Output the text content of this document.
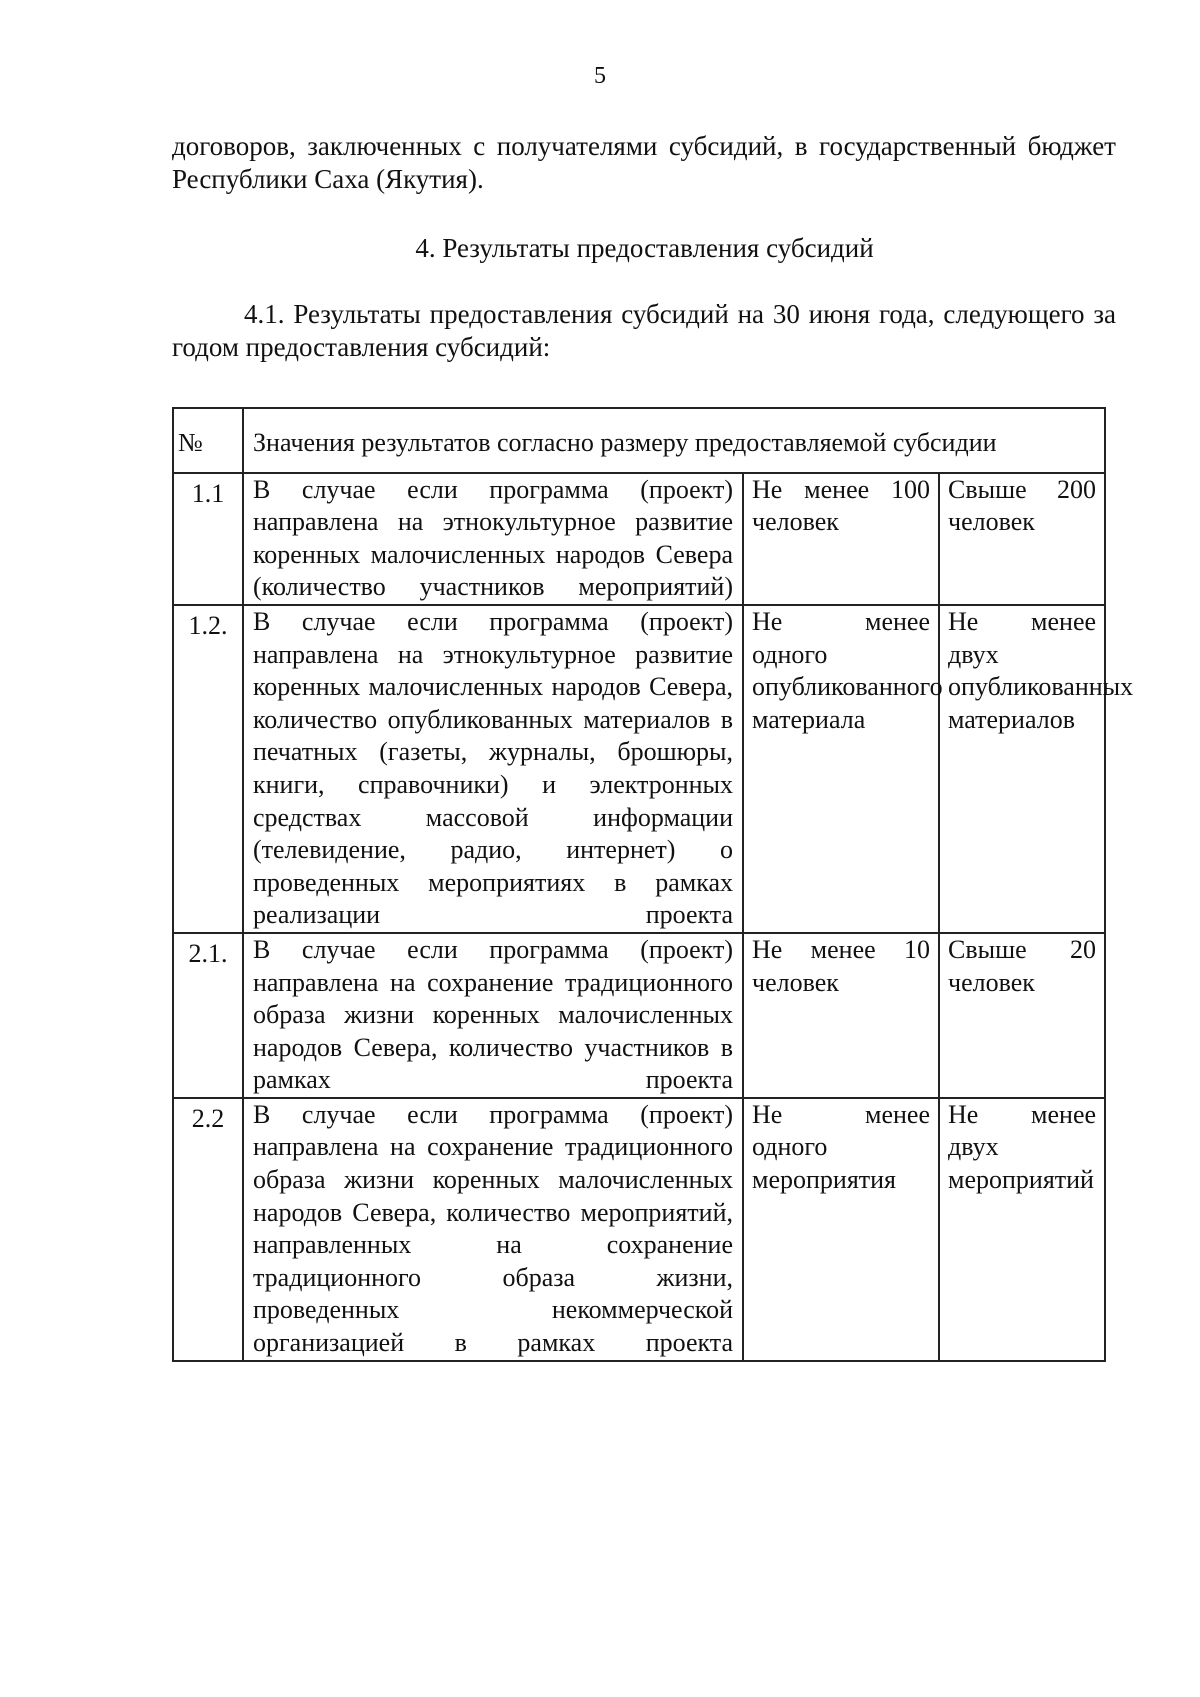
5
договоров, заключенных с получателями субсидий, в государственный бюджет Республики Саха (Якутия).
4. Результаты предоставления субсидий
4.1. Результаты предоставления субсидий на 30 июня года, следующего за годом предоставления субсидий:
№	Значения результатов согласно размеру предоставляемой субсидии		
1.1	В случае если программа (проект) направлена на этнокультурное развитие коренных малочисленных народов Севера (количество участников мероприятий)	Не менее 100 человек	Свыше 200 человек
1.2.	В случае если программа (проект) направлена на этнокультурное развитие коренных малочисленных народов Севера, количество опубликованных материалов в печатных (газеты, журналы, брошюры, книги, справочники) и электронных средствах массовой информации (телевидение, радио, интернет) о проведенных мероприятиях в рамках реализации проекта	Не менее одного опубликованного материала	Не менее двух опубликованных материалов
2.1.	В случае если программа (проект) направлена на сохранение традиционного образа жизни коренных малочисленных народов Севера, количество участников в рамках проекта	Не менее 10 человек	Свыше 20 человек
2.2	В случае если программа (проект) направлена на сохранение традиционного образа жизни коренных малочисленных народов Севера, количество мероприятий, направленных на сохранение традиционного образа жизни, проведенных некоммерческой организацией в рамках проекта	Не менее одного мероприятия	Не менее двух мероприятий
